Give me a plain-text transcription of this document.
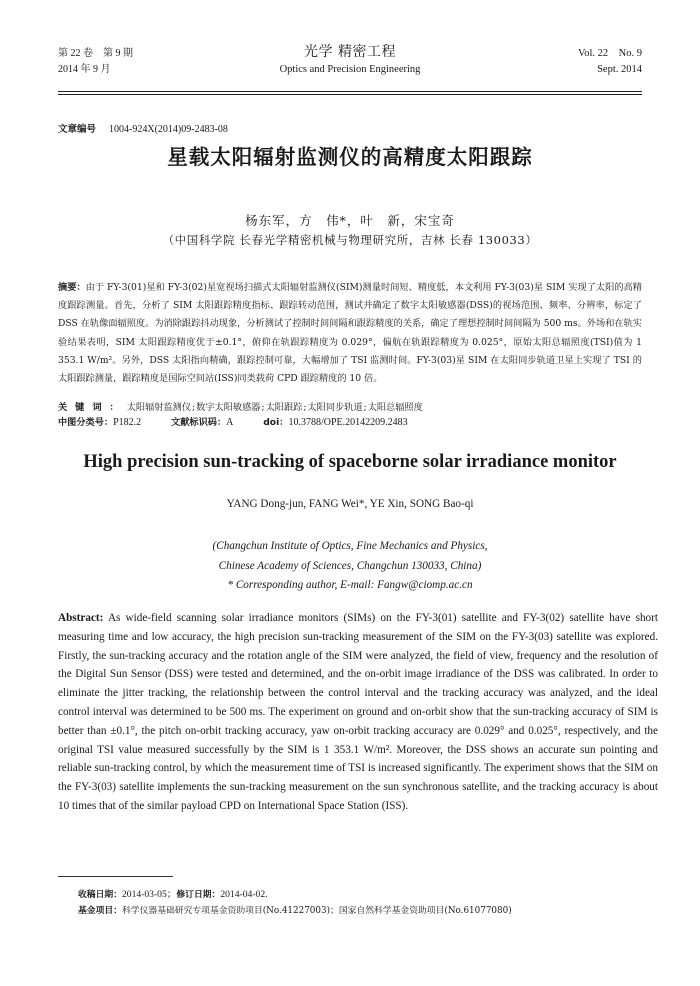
第 22 卷　第 9 期
2014 年 9 月
光学 精密工程
Optics and Precision Engineering
Vol. 22　No. 9
Sept. 2014
文章编号 1004-924X(2014)09-2483-08
星载太阳辐射监测仪的高精度太阳跟踪
杨东军，方　伟*，叶　新，宋宝奇
（中国科学院 长春光学精密机械与物理研究所，吉林 长春 130033）

摘要：由于 FY-3(01)星和 FY-3(02)星宽视场扫描式太阳辐射监测仪(SIM)测量时间短、精度低，本文利用 FY-3(03)星 SIM 实现了太阳的高精度跟踪测量。首先，分析了 SIM 太阳跟踪精度指标、跟踪转动范围，测试并确定了数字太阳敏感器(DSS)的视场范围、频率、分辨率，标定了 DSS 在轨像面辐照度。为消除跟踪抖动现象，分析测试了控制时间间隔和跟踪精度的关系，确定了理想控制时间间隔为 500 ms。外场和在轨实验结果表明，SIM 太阳跟踪精度优于±0.1°，俯仰在轨跟踪精度为 0.029°，偏航在轨跟踪精度为 0.025°，原始太阳总辐照度(TSI)值为 1 353.1 W/m²。另外，DSS 太阳指向精确，跟踪控制可靠，大幅增加了 TSI 监测时间。FY-3(03)星 SIM 在太阳同步轨道卫星上实现了 TSI 的太阳跟踪测量，跟踪精度是国际空间站(ISS)同类载荷 CPD 跟踪精度的 10 倍。

关键词：太阳辐射监测仪;数字太阳敏感器;太阳跟踪;太阳同步轨道;太阳总辐照度
中图分类号：P182.2	文献标识码：A	doi：10.3788/OPE.20142209.2483
High precision sun-tracking of spaceborne solar irradiance monitor
YANG Dong-jun, FANG Wei*, YE Xin, SONG Bao-qi
(Changchun Institute of Optics, Fine Mechanics and Physics,
Chinese Academy of Sciences, Changchun 130033, China)
* Corresponding author, E-mail: Fangw@ciomp.ac.cn

Abstract: As wide-field scanning solar irradiance monitors (SIMs) on the FY-3(01) satellite and FY-3(02) satellite have short measuring time and low accuracy, the high precision sun-tracking measurement of the SIM on the FY-3(03) satellite was explored. Firstly, the sun-tracking accuracy and the rotation angle of the SIM were analyzed, the field of view, frequency and the resolution of the Digital Sun Sensor (DSS) were tested and determined, and the on-orbit image irradiance of the DSS was calibrated. In order to eliminate the jitter tracking, the relationship between the control interval and the tracking accuracy was analyzed, and the ideal control interval was determined to be 500 ms. The experiment on ground and on-orbit show that the sun-tracking accuracy of SIM is better than ±0.1°, the pitch on-orbit tracking accuracy, yaw on-orbit tracking accuracy are 0.029° and 0.025°, respectively, and the original TSI value measured successfully by the SIM is 1 353.1 W/m². Moreover, the DSS shows an accurate sun pointing and reliable sun-tracking control, by which the measurement time of TSI is increased significantly. The experiment shows that the SIM on the FY-3(03) satellite implements the sun-tracking measurement on the sun synchronous satellite, and the tracking accuracy is about 10 times that of the similar payload CPD on International Space Station (ISS).

收稿日期：2014-03-05；修订日期：2014-04-02.
基金项目：科学仪器基础研究专项基金资助项目(No.41227003)；国家自然科学基金资助项目(No.61077080)
